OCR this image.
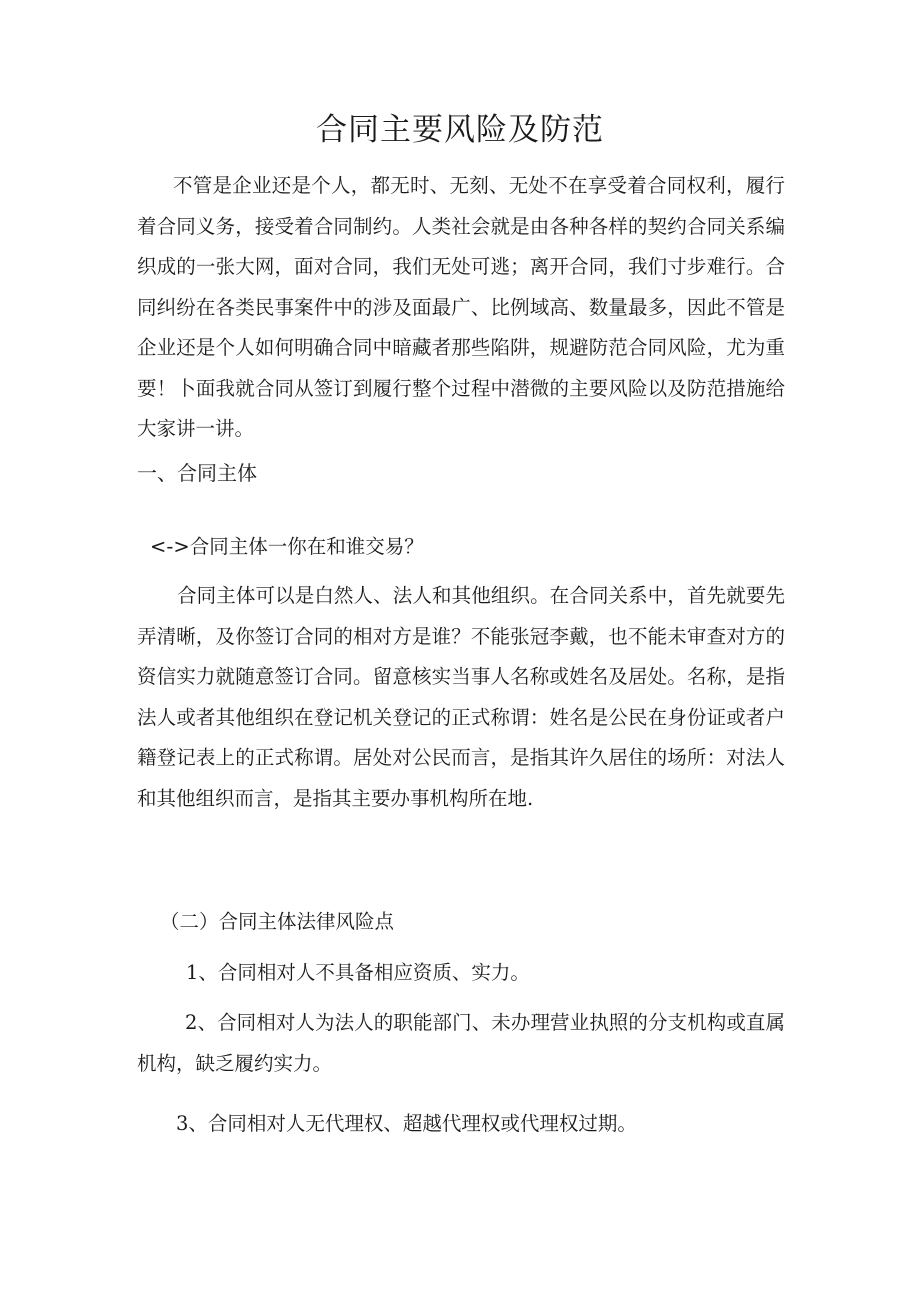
合同主要风险及防范

不管是企业还是个人，都无时、无刻、无处不在享受着合同权利，履行着合同义务，接受着合同制约。人类社会就是由各种各样的契约合同关系编织成的一张大网，面对合同，我们无处可逃；离开合同，我们寸步难行。合同纠纷在各类民事案件中的涉及面最广、比例域高、数量最多，因此不管是企业还是个人如何明确合同中暗藏者那些陷阱，规避防范合同风险，尤为重要！卜面我就合同从签订到履行整个过程中潜微的主要风险以及防范措施给大家讲一讲。

一、合同主体
<->合同主体一你在和谁交易？

合同主体可以是白然人、法人和其他组织。在合同关系中，首先就要先弄清晰，及你签订合同的相对方是谁？不能张冠李戴，也不能未审查对方的资信实力就随意签订合同。留意核实当事人名称或姓名及居处。名称，是指法人或者其他组织在登记机关登记的正式称谓：姓名是公民在身份证或者户籍登记表上的正式称谓。居处对公民而言，是指其许久居住的场所：对法人和其他组织而言，是指其主要办事机构所在地.

（二）合同主体法律风险点

1、合同相对人不具备相应资质、实力。

2、合同相对人为法人的职能部门、未办理营业执照的分支机构或直属机构，缺乏履约实力。

3、合同相对人无代理权、超越代理权或代理权过期。
